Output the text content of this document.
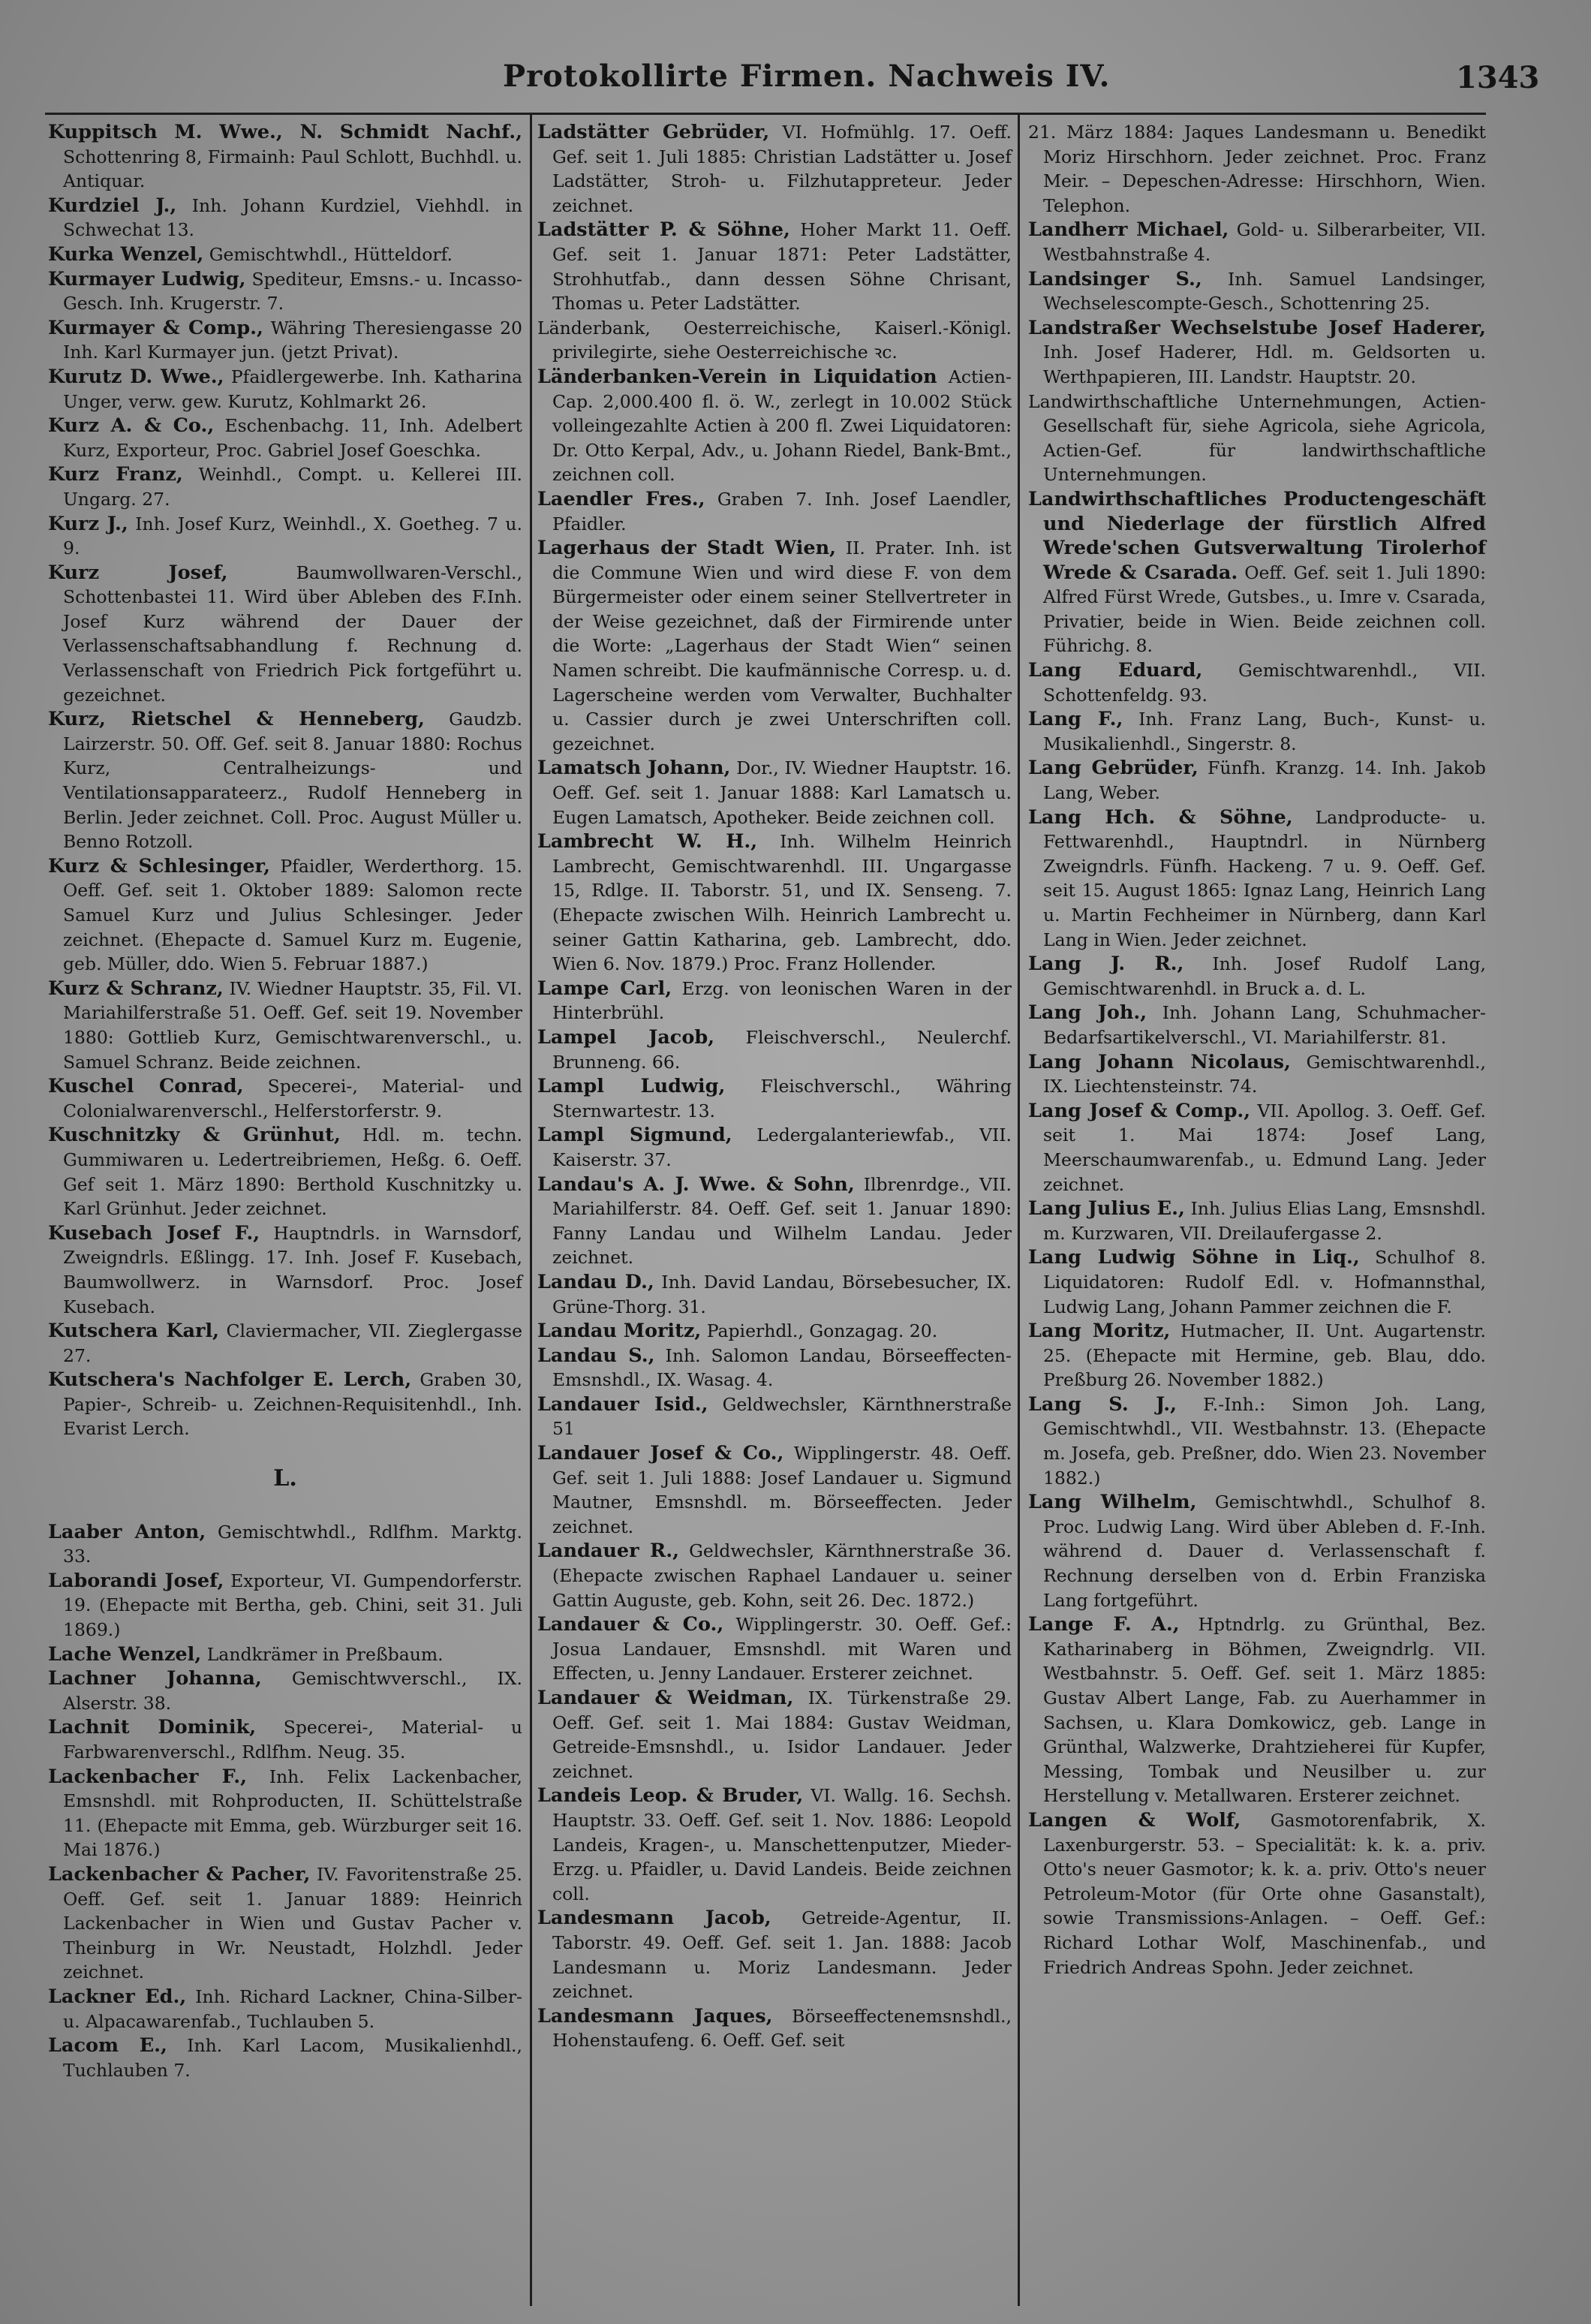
Protokollirte Firmen. Nachweis IV.	1343

Kuppitsch M. Wwe., N. Schmidt Nachf., Schottenring 8, Firmainh: Paul Schlott, Buchhdl. u. Antiquar.

Kurdziel J., Inh. Johann Kurdziel, Viehhdl. in Schwechat 13.

Kurka Wenzel, Gemischtwhdl., Hütteldorf.

Kurmayer Ludwig, Spediteur, Emsns.- u. Incasso-Gesch. Inh. Krugerstr. 7.

Kurmayer & Comp., Währing Theresiengasse 20 Inh. Karl Kurmayer jun. (jetzt Privat).

Kurutz D. Wwe., Pfaidlergewerbe. Inh. Katharina Unger, verw. gew. Kurutz, Kohlmarkt 26.

Kurz A. & Co., Eschenbachg. 11, Inh. Adelbert Kurz, Exporteur, Proc. Gabriel Josef Goeschka.

Kurz Franz, Weinhdl., Compt. u. Kellerei III. Ungarg. 27.

Kurz J., Inh. Josef Kurz, Weinhdl., X. Goetheg. 7 u. 9.

Kurz Josef,	Baumwollwaren-Verschl., Schottenbastei 11. Wird über Ableben des F.Inh. Josef Kurz während der Dauer der Verlassenschaftsabhandlung f. Rechnung d. Verlassenschaft von Friedrich Pick fortgeführt u. gezeichnet.

Kurz, Rietschel & Henneberg, Gaudzb. Lairzerstr. 50. Off. Gef. seit 8. Januar 1880: Rochus Kurz, Centralheizungs- und Ventilationsapparateerz., Rudolf Henneberg in Berlin. Jeder zeichnet. Coll. Proc. August Müller u. Benno Rotzoll.

Kurz & Schlesinger, Pfaidler, Werderthorg. 15. Oeff. Gef. seit 1. Oktober 1889: Salomon recte Samuel Kurz und Julius Schlesinger. Jeder zeichnet. (Ehepacte d. Samuel Kurz m. Eugenie, geb. Müller, ddo. Wien 5. Februar 1887.)

Kurz & Schranz, IV. Wiedner Hauptstr. 35, Fil. VI. Mariahilferstraße 51. Oeff. Gef. seit 19. November 1880: Gottlieb Kurz, Gemischtwarenverschl., u. Samuel Schranz. Beide zeichnen.

Kuschel Conrad, Specerei-, Material- und Colonialwarenverschl., Helferstorferstr. 9.

Kuschnitzky & Grünhut, Hdl. m. techn. Gummiwaren u. Ledertreibriemen, Heßg. 6. Oeff. Gef seit 1. März 1890: Berthold Kuschnitzky u. Karl Grünhut. Jeder zeichnet.

Kusebach Josef F., Hauptndrls. in Warnsdorf, Zweigndrls. Eßlingg. 17. Inh. Josef F. Kusebach, Baumwollwerz. in Warnsdorf. Proc. Josef Kusebach.

Kutschera Karl, Claviermacher, VII. Zieglergasse 27.

Kutschera's Nachfolger E. Lerch, Graben 30, Papier-, Schreib- u. Zeichnen-Requisitenhdl., Inh. Evarist Lerch.

L.

Laaber Anton, Gemischtwhdl., Rdlfhm. Marktg. 33.

Laborandi Josef, Exporteur, VI. Gumpendorferstr. 19. (Ehepacte mit Bertha, geb. Chini, seit 31. Juli 1869.)

Lache Wenzel, Landkrämer in Preßbaum.

Lachner Johanna, Gemischtwverschl., IX. Alserstr. 38.

Lachnit Dominik, Specerei-, Material- u Farbwarenverschl., Rdlfhm. Neug. 35.

Lackenbacher F., Inh. Felix Lackenbacher, Emsnshdl. mit Rohproducten, II. Schüttelstraße 11. (Ehepacte mit Emma, geb. Würzburger seit 16. Mai 1876.)

Lackenbacher & Pacher, IV. Favoritenstraße 25. Oeff. Gef. seit 1. Januar 1889: Heinrich Lackenbacher in Wien und Gustav Pacher v. Theinburg in Wr. Neustadt, Holzhdl. Jeder zeichnet.

Lackner Ed., Inh. Richard Lackner, China-Silber- u. Alpacawarenfab., Tuchlauben 5.

Lacom E., Inh. Karl Lacom, Musikalienhdl., Tuchlauben 7.

Ladstätter Gebrüder, VI. Hofmühlg. 17. Oeff. Gef. seit 1. Juli 1885: Christian Ladstätter u. Josef Ladstätter, Stroh- u. Filzhutappreteur. Jeder zeichnet.

Ladstätter P. & Söhne, Hoher Markt 11. Oeff. Gef. seit 1. Januar 1871: Peter Ladstätter, Strohhutfab., dann dessen Söhne Chrisant, Thomas u. Peter Ladstätter.

Länderbank, Oesterreichische, Kaiserl.-Königl. privilegirte, siehe Oesterreichische ꝛc.

Länderbanken-Verein in Liquidation Actien-Cap. 2,000.400 fl. ö. W., zerlegt in 10.002 Stück volleingezahlte Actien à 200 fl. Zwei Liquidatoren: Dr. Otto Kerpal, Adv., u. Johann Riedel, Bank-Bmt., zeichnen coll.

Laendler Fres., Graben 7. Inh. Josef Laendler, Pfaidler.

Lagerhaus der Stadt Wien, II. Prater. Inh. ist die Commune Wien und wird diese F. von dem Bürgermeister oder einem seiner Stellvertreter in der Weise gezeichnet, daß der Firmirende unter die Worte: „Lagerhaus der Stadt Wien“ seinen Namen schreibt. Die kaufmännische Corresp. u. d. Lagerscheine werden vom Verwalter, Buchhalter u. Cassier durch je zwei Unterschriften coll. gezeichnet.

Lamatsch Johann, Dor., IV. Wiedner Hauptstr. 16. Oeff. Gef. seit 1. Januar 1888: Karl Lamatsch u. Eugen Lamatsch, Apotheker. Beide zeichnen coll.

Lambrecht W. H., Inh. Wilhelm Heinrich Lambrecht, Gemischtwarenhdl. III. Ungargasse 15, Rdlge. II. Taborstr. 51, und IX. Senseng. 7. (Ehepacte zwischen Wilh. Heinrich Lambrecht u. seiner Gattin Katharina, geb. Lambrecht, ddo. Wien 6. Nov. 1879.) Proc. Franz Hollender.

Lampe Carl, Erzg. von leonischen Waren in der Hinterbrühl.

Lampel Jacob, Fleischverschl., Neulerchf. Brunneng. 66.

Lampl Ludwig, Fleischverschl., Währing Sternwartestr. 13.

Lampl Sigmund, Ledergalanteriewfab., VII. Kaiserstr. 37.

Landau's A. J. Wwe. & Sohn, Ilbrenrdge., VII. Mariahilferstr. 84. Oeff. Gef. seit 1. Januar 1890: Fanny Landau und Wilhelm Landau. Jeder zeichnet.

Landau D., Inh. David Landau, Börsebesucher, IX. Grüne-Thorg. 31.

Landau Moritz, Papierhdl., Gonzagag. 20.

Landau S., Inh. Salomon Landau, Börseeffecten-Emsnshdl., IX. Wasag. 4.

Landauer Isid., Geldwechsler, Kärnthnerstraße 51

Landauer Josef & Co., Wipplingerstr. 48. Oeff. Gef. seit 1. Juli 1888: Josef Landauer u. Sigmund Mautner, Emsnshdl. m. Börseeffecten. Jeder zeichnet.

Landauer R., Geldwechsler, Kärnthnerstraße 36. (Ehepacte zwischen Raphael Landauer u. seiner Gattin Auguste, geb. Kohn, seit 26. Dec. 1872.)

Landauer & Co., Wipplingerstr. 30. Oeff. Gef.: Josua Landauer, Emsnshdl. mit Waren und Effecten, u. Jenny Landauer. Ersterer zeichnet.

Landauer & Weidman, IX. Türkenstraße 29. Oeff. Gef. seit 1. Mai 1884: Gustav Weidman, Getreide-Emsnshdl., u. Isidor Landauer. Jeder zeichnet.

Landeis Leop. & Bruder, VI. Wallg. 16. Sechsh. Hauptstr. 33. Oeff. Gef. seit 1. Nov. 1886: Leopold Landeis, Kragen-, u. Manschettenputzer, Mieder-Erzg. u. Pfaidler, u. David Landeis. Beide zeichnen coll.

Landesmann Jacob, Getreide-Agentur, II. Taborstr. 49. Oeff. Gef. seit 1. Jan. 1888: Jacob Landesmann u. Moriz Landesmann. Jeder zeichnet.

Landesmann Jaques, Börseeffectenemsnshdl., Hohenstaufeng. 6. Oeff. Gef. seit

21. März 1884: Jaques Landesmann u. Benedikt Moriz Hirschhorn. Jeder zeichnet. Proc. Franz Meir. – Depeschen-Adresse: Hirschhorn, Wien. Telephon.

Landherr Michael, Gold- u. Silberarbeiter, VII. Westbahnstraße 4.

Landsinger S., Inh. Samuel Landsinger, Wechselescompte-Gesch., Schottenring 25.

Landstraßer Wechselstube Josef Haderer, Inh. Josef Haderer, Hdl. m. Geldsorten u. Werthpapieren, III. Landstr. Hauptstr. 20.

Landwirthschaftliche Unternehmungen, Actien-Gesellschaft für, siehe Agricola, siehe Agricola, Actien-Gef. für landwirthschaftliche Unternehmungen.

Landwirthschaftliches Productengeschäft und Niederlage der fürstlich Alfred Wrede'schen Gutsverwaltung Tirolerhof Wrede & Csarada. Oeff. Gef. seit 1. Juli 1890: Alfred Fürst Wrede, Gutsbes., u. Imre v. Csarada, Privatier, beide in Wien. Beide zeichnen coll. Führichg. 8.

Lang Eduard, Gemischtwarenhdl., VII. Schottenfeldg. 93.

Lang F., Inh. Franz Lang, Buch-, Kunst- u. Musikalienhdl., Singerstr. 8.

Lang Gebrüder, Fünfh. Kranzg. 14. Inh. Jakob Lang, Weber.

Lang Hch. & Söhne, Landproducte- u. Fettwarenhdl., Hauptndrl. in Nürnberg Zweigndrls. Fünfh. Hackeng. 7 u. 9. Oeff. Gef. seit 15. August 1865: Ignaz Lang, Heinrich Lang u. Martin Fechheimer in Nürnberg, dann Karl Lang in Wien. Jeder zeichnet.

Lang J. R., Inh. Josef Rudolf Lang, Gemischtwarenhdl. in Bruck a. d. L.

Lang Joh., Inh. Johann Lang, Schuhmacher-Bedarfsartikelverschl., VI. Mariahilferstr. 81.

Lang Johann Nicolaus, Gemischtwarenhdl., IX. Liechtensteinstr. 74.

Lang Josef & Comp., VII. Apollog. 3. Oeff. Gef. seit 1. Mai 1874: Josef Lang, Meerschaumwarenfab., u. Edmund Lang. Jeder zeichnet.

Lang Julius E., Inh. Julius Elias Lang, Emsnshdl. m. Kurzwaren, VII. Dreilaufergasse 2.

Lang Ludwig Söhne in Liq., Schulhof 8. Liquidatoren: Rudolf Edl. v. Hofmannsthal, Ludwig Lang, Johann Pammer zeichnen die F.

Lang Moritz, Hutmacher, II. Unt. Augartenstr. 25. (Ehepacte mit Hermine, geb. Blau, ddo. Preßburg 26. November 1882.)

Lang S. J., F.-Inh.: Simon Joh. Lang, Gemischtwhdl., VII. Westbahnstr. 13. (Ehepacte m. Josefa, geb. Preßner, ddo. Wien 23. November 1882.)

Lang Wilhelm, Gemischtwhdl., Schulhof 8. Proc. Ludwig Lang. Wird über Ableben d. F.-Inh. während d. Dauer d. Verlassenschaft f. Rechnung derselben von d. Erbin Franziska Lang fortgeführt.

Lange F. A., Hptndrlg. zu Grünthal, Bez. Katharinaberg in Böhmen, Zweigndrlg. VII. Westbahnstr. 5. Oeff. Gef. seit 1. März 1885: Gustav Albert Lange, Fab. zu Auerhammer in Sachsen, u. Klara Domkowicz, geb. Lange in Grünthal, Walzwerke, Drahtzieherei für Kupfer, Messing, Tombak und Neusilber u. zur Herstellung v. Metallwaren. Ersterer zeichnet.

Langen & Wolf, Gasmotorenfabrik, X. Laxenburgerstr. 53. – Specialität: k. k. a. priv. Otto's neuer Gasmotor; k. k. a. priv. Otto's neuer Petroleum-Motor (für Orte ohne Gasanstalt), sowie Transmissions-Anlagen. – Oeff. Gef.: Richard Lothar Wolf, Maschinenfab., und Friedrich Andreas Spohn. Jeder zeichnet.
